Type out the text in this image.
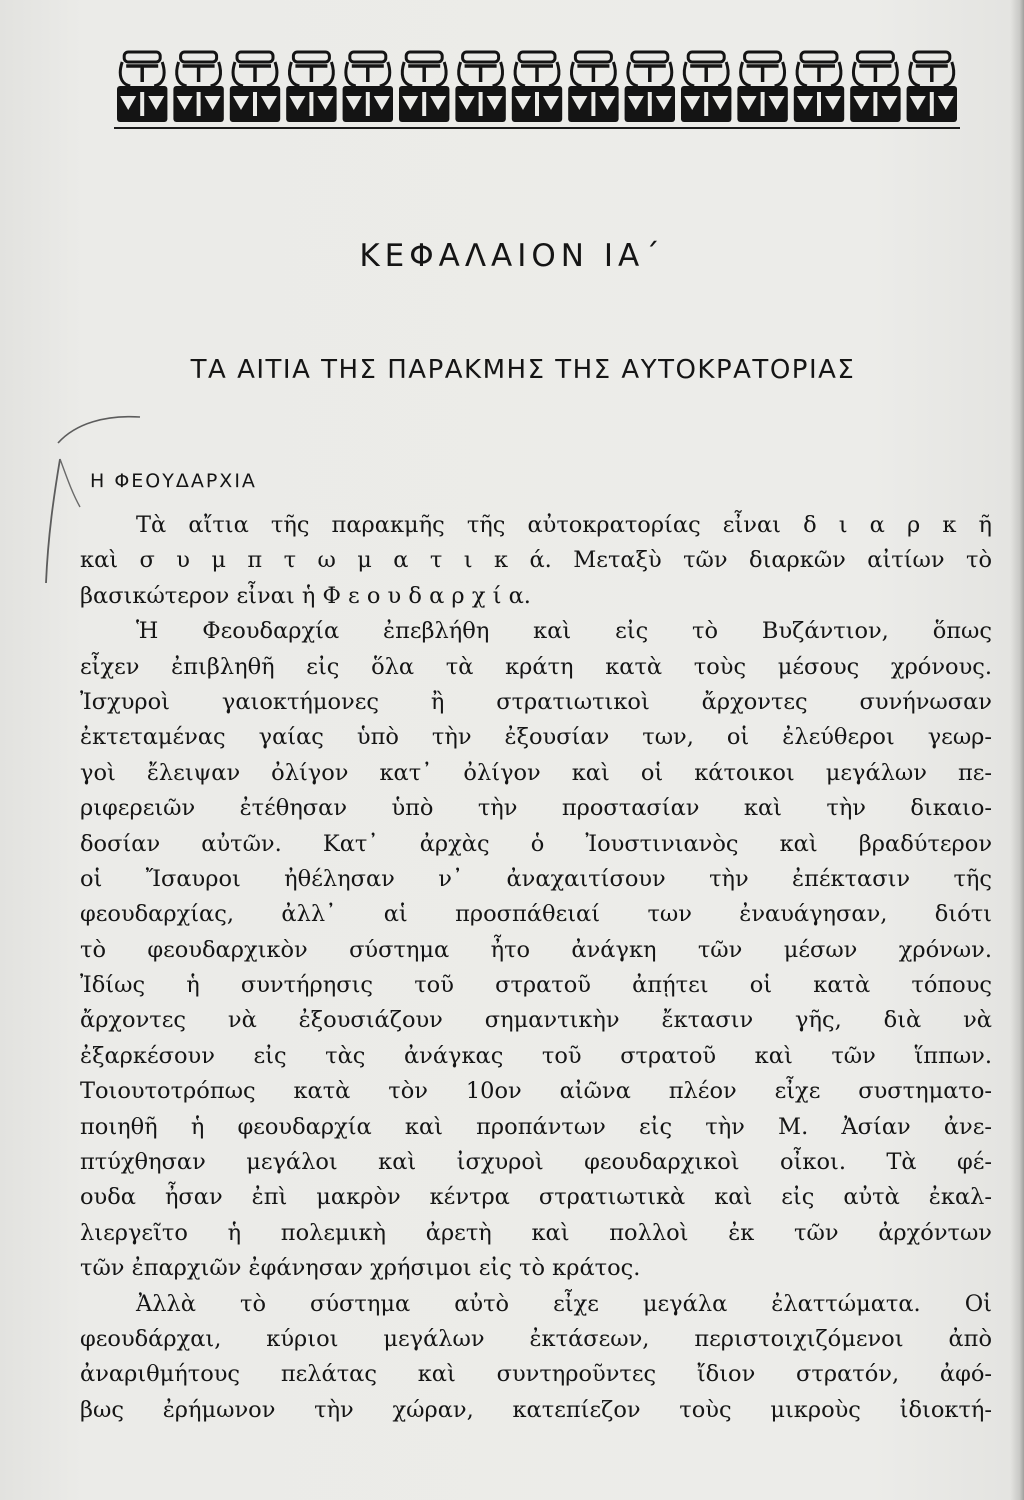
ΚΕΦΑΛΑΙΟΝ ΙΑ΄
ΤΑ ΑΙΤΙΑ ΤΗΣ ΠΑΡΑΚΜΗΣ ΤΗΣ ΑΥΤΟΚΡΑΤΟΡΙΑΣ
Η ΦΕΟΥΔΑΡΧΙΑ
Τὰ αἴτια τῆς παρακμῆς τῆς αὐτοκρατορίας εἶναι δ ι α ρ κ ῆ
καὶ σ υ μ π τ ω μ α τ ι κ ά. Μεταξὺ τῶν διαρκῶν αἰτίων τὸ
βασικώτερον εἶναι ἡ Φ ε ο υ δ α ρ χ ί α.
Ἡ Φεουδαρχία ἐπεβλήθη καὶ εἰς τὸ Βυζάντιον, ὅπως
εἶχεν ἐπιβληθῆ εἰς ὅλα τὰ κράτη κατὰ τοὺς μέσους χρόνους.
Ἰσχυροὶ γαιοκτήμονες ἢ στρατιωτικοὶ ἄρχοντες συνήνωσαν
ἐκτεταμένας γαίας ὑπὸ τὴν ἐξουσίαν των, οἱ ἐλεύθεροι γεωρ-
γοὶ ἔλειψαν ὀλίγον κατ᾽ ὀλίγον καὶ οἱ κάτοικοι μεγάλων πε-
ριφερειῶν ἐτέθησαν ὑπὸ τὴν προστασίαν καὶ τὴν δικαιο-
δοσίαν αὐτῶν. Κατ᾽ ἀρχὰς ὁ Ἰουστινιανὸς καὶ βραδύτερον
οἱ Ἴσαυροι ἠθέλησαν ν᾽ ἀναχαιτίσουν τὴν ἐπέκτασιν τῆς
φεουδαρχίας, ἀλλ᾽ αἱ προσπάθειαί των ἐναυάγησαν, διότι
τὸ φεουδαρχικὸν σύστημα ἦτο ἀνάγκη τῶν μέσων χρόνων.
Ἰδίως ἡ συντήρησις τοῦ στρατοῦ ἀπῄτει οἱ κατὰ τόπους
ἄρχοντες νὰ ἐξουσιάζουν σημαντικὴν ἔκτασιν γῆς, διὰ νὰ
ἐξαρκέσουν εἰς τὰς ἀνάγκας τοῦ στρατοῦ καὶ τῶν ἵππων.
Τοιουτοτρόπως κατὰ τὸν 10ον αἰῶνα πλέον εἶχε συστηματο-
ποιηθῆ ἡ φεουδαρχία καὶ προπάντων εἰς τὴν Μ. Ἀσίαν ἀνε-
πτύχθησαν μεγάλοι καὶ ἰσχυροὶ φεουδαρχικοὶ οἶκοι. Τὰ φέ-
ουδα ἦσαν ἐπὶ μακρὸν κέντρα στρατιωτικὰ καὶ εἰς αὐτὰ ἐκαλ-
λιεργεῖτο ἡ πολεμικὴ ἀρετὴ καὶ πολλοὶ ἐκ τῶν ἀρχόντων
τῶν ἐπαρχιῶν ἐφάνησαν χρήσιμοι εἰς τὸ κράτος.
Ἀλλὰ τὸ σύστημα αὐτὸ εἶχε μεγάλα ἐλαττώματα. Οἱ
φεουδάρχαι, κύριοι μεγάλων ἐκτάσεων, περιστοιχιζόμενοι ἀπὸ
ἀναριθμήτους πελάτας καὶ συντηροῦντες ἴδιον στρατόν, ἀφό-
βως ἐρήμωνον τὴν χώραν, κατεπίεζον τοὺς μικροὺς ἰδιοκτή-
